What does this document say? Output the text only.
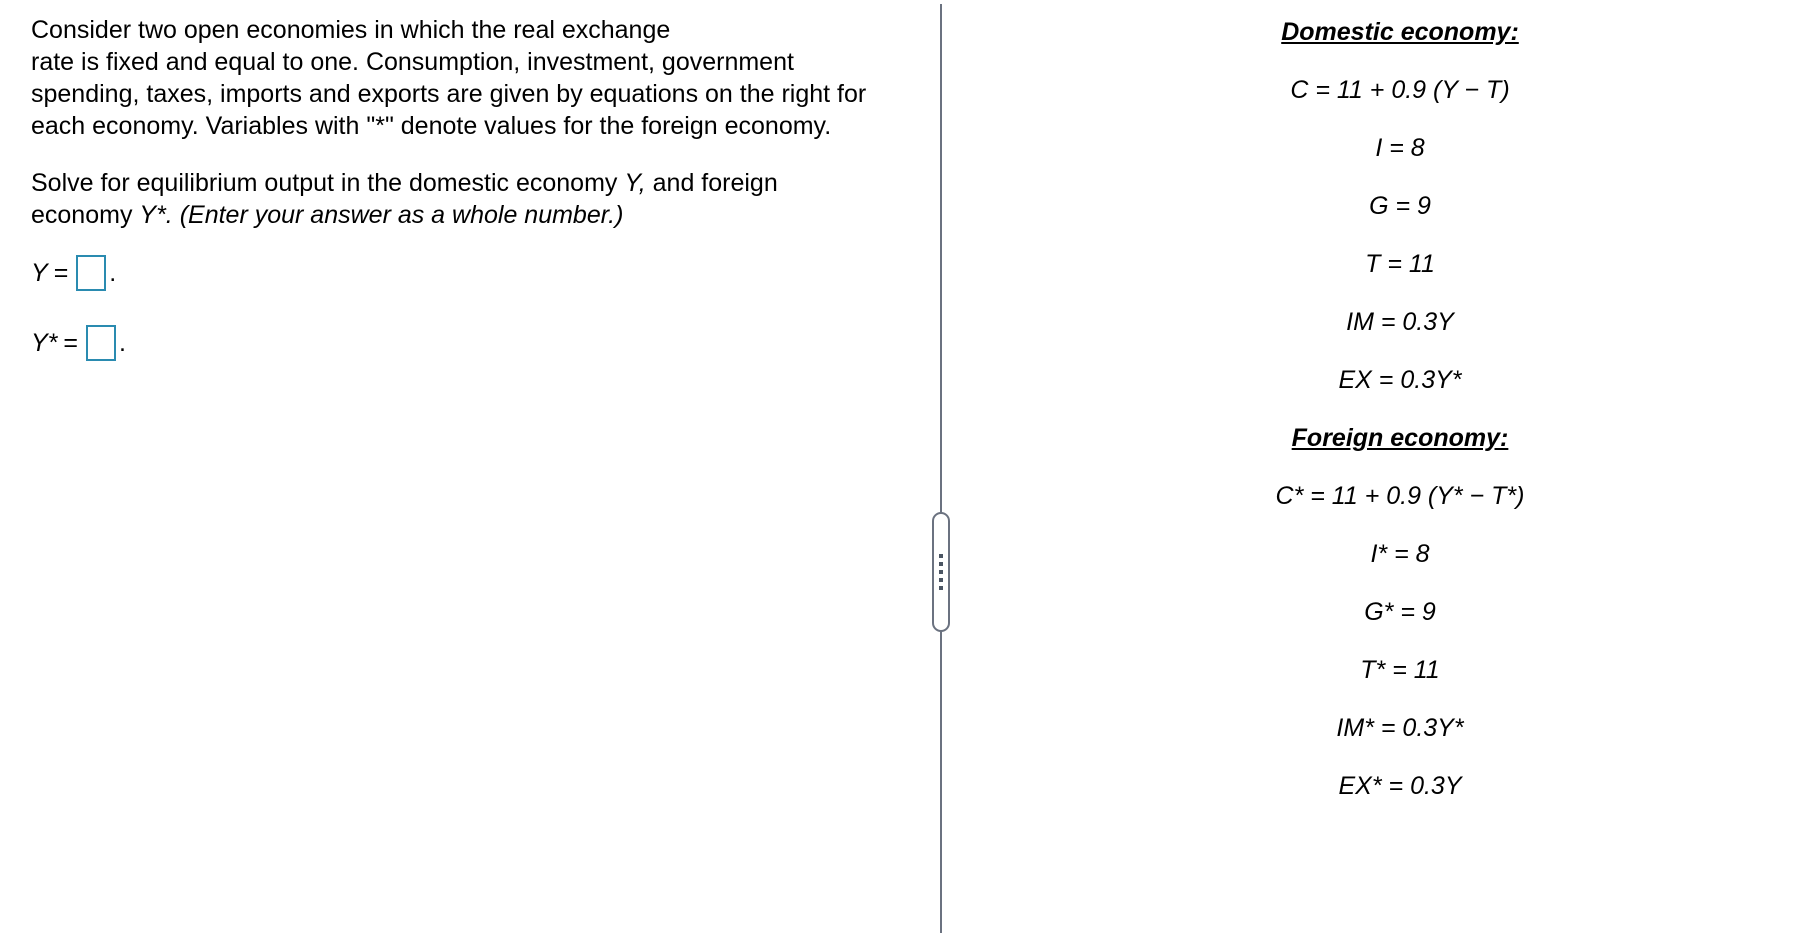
Consider two open economies in which the real exchange
rate is fixed and equal to one. Consumption, investment, government
spending, taxes, imports and exports are given by equations on the right for
each economy. Variables with "*" denote values for the foreign economy.

Solve for equilibrium output in the domestic economy Y, and foreign
economy Y*. (Enter your answer as a whole number.)

Y = .
Y* = .
Domestic economy:
C = 11 + 0.9 (Y − T)
I = 8
G = 9
T = 11
IM = 0.3Y
EX = 0.3Y*
Foreign economy:
C* = 11 + 0.9 (Y* − T*)
I* = 8
G* = 9
T* = 11
IM* = 0.3Y*
EX* = 0.3Y
